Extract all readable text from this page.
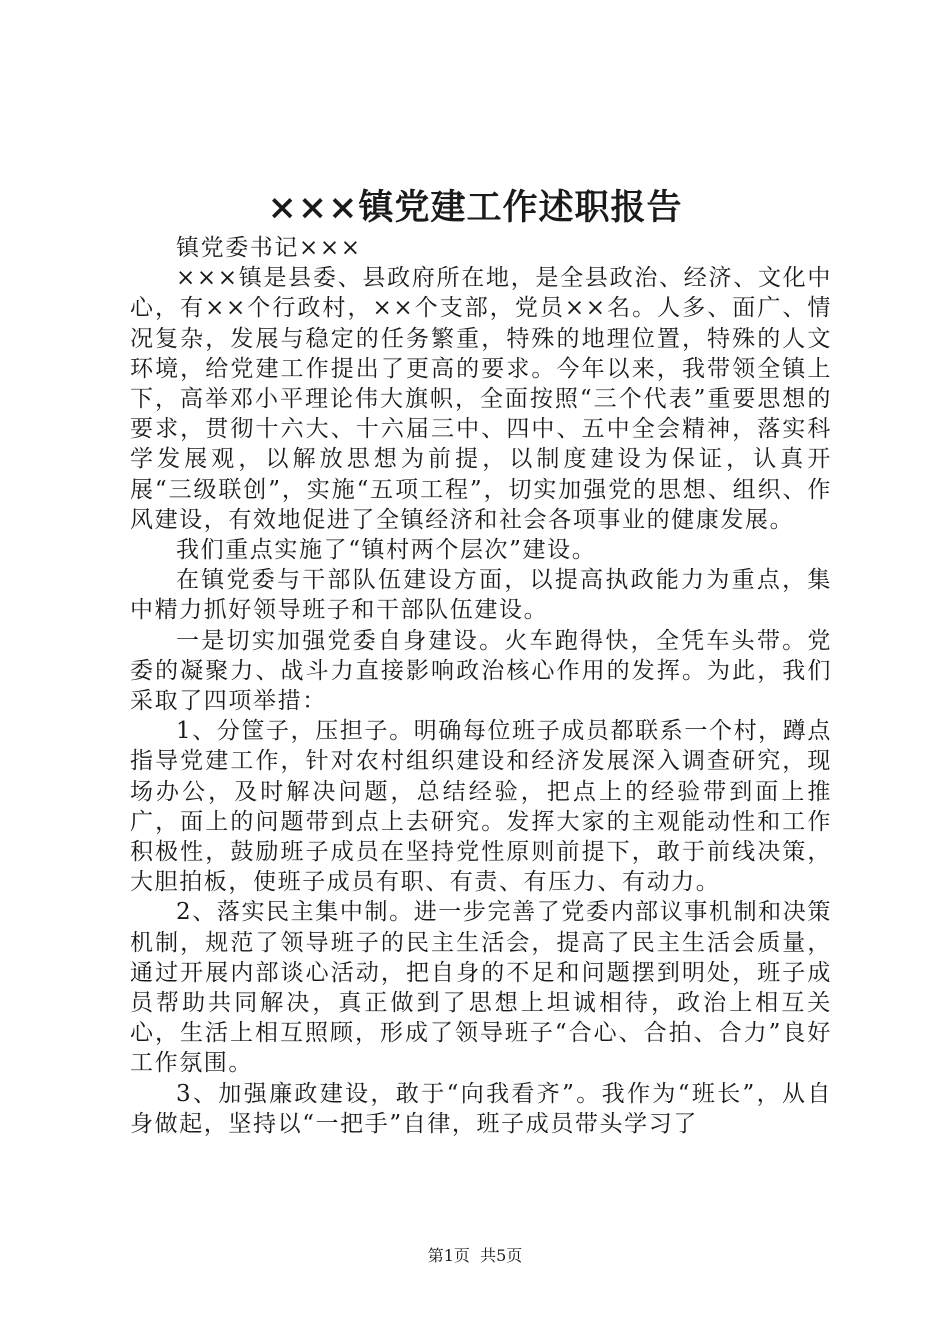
×××镇党建工作述职报告

镇党委书记×××

×××镇是县委、县政府所在地，是全县政治、经济、文化中心，有××个行政村，××个支部，党员××名。人多、面广、情况复杂，发展与稳定的任务繁重，特殊的地理位置，特殊的人文环境，给党建工作提出了更高的要求。今年以来，我带领全镇上下，高举邓小平理论伟大旗帜，全面按照“三个代表”重要思想的要求，贯彻十六大、十六届三中、四中、五中全会精神，落实科学发展观，以解放思想为前提，以制度建设为保证，认真开展“三级联创”，实施“五项工程”，切实加强党的思想、组织、作风建设，有效地促进了全镇经济和社会各项事业的健康发展。

我们重点实施了“镇村两个层次”建设。

在镇党委与干部队伍建设方面，以提高执政能力为重点，集中精力抓好领导班子和干部队伍建设。

一是切实加强党委自身建设。火车跑得快，全凭车头带。党委的凝聚力、战斗力直接影响政治核心作用的发挥。为此，我们采取了四项举措：

1、分筐子，压担子。明确每位班子成员都联系一个村，蹲点指导党建工作，针对农村组织建设和经济发展深入调查研究，现场办公，及时解决问题，总结经验，把点上的经验带到面上推广，面上的问题带到点上去研究。发挥大家的主观能动性和工作积极性，鼓励班子成员在坚持党性原则前提下，敢于前线决策，大胆拍板，使班子成员有职、有责、有压力、有动力。

2、落实民主集中制。进一步完善了党委内部议事机制和决策机制，规范了领导班子的民主生活会，提高了民主生活会质量，通过开展内部谈心活动，把自身的不足和问题摆到明处，班子成员帮助共同解决，真正做到了思想上坦诚相待，政治上相互关心，生活上相互照顾，形成了领导班子“合心、合拍、合力”良好工作氛围。

3、加强廉政建设，敢于“向我看齐”。我作为“班长”，从自身做起，坚持以“一把手”自律，班子成员带头学习了

第1页 共5页
